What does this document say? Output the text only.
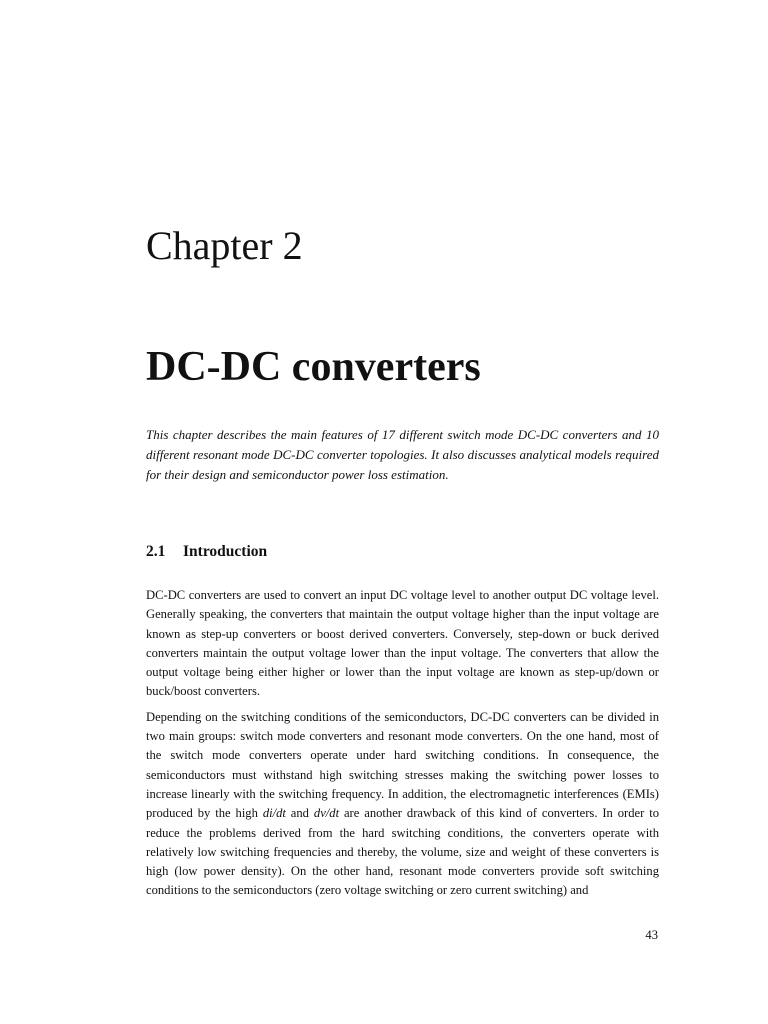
Chapter 2
DC-DC converters

This chapter describes the main features of 17 different switch mode DC-DC converters and 10 different resonant mode DC-DC converter topologies. It also discusses analytical models required for their design and semiconductor power loss estimation.

2.1 Introduction

DC-DC converters are used to convert an input DC voltage level to another output DC voltage level. Generally speaking, the converters that maintain the output voltage higher than the input voltage are known as step-up converters or boost derived converters. Conversely, step-down or buck derived converters maintain the output voltage lower than the input voltage. The converters that allow the output voltage being either higher or lower than the input voltage are known as step-up/down or buck/boost converters.

Depending on the switching conditions of the semiconductors, DC-DC converters can be divided in two main groups: switch mode converters and resonant mode converters. On the one hand, most of the switch mode converters operate under hard switching conditions. In consequence, the semiconductors must withstand high switching stresses making the switching power losses to increase linearly with the switching frequency. In addition, the electromagnetic interferences (EMIs) produced by the high di/dt and dv/dt are another drawback of this kind of converters. In order to reduce the problems derived from the hard switching conditions, the converters operate with relatively low switching frequencies and thereby, the volume, size and weight of these converters is high (low power density). On the other hand, resonant mode converters provide soft switching conditions to the semiconductors (zero voltage switching or zero current switching) and

43
